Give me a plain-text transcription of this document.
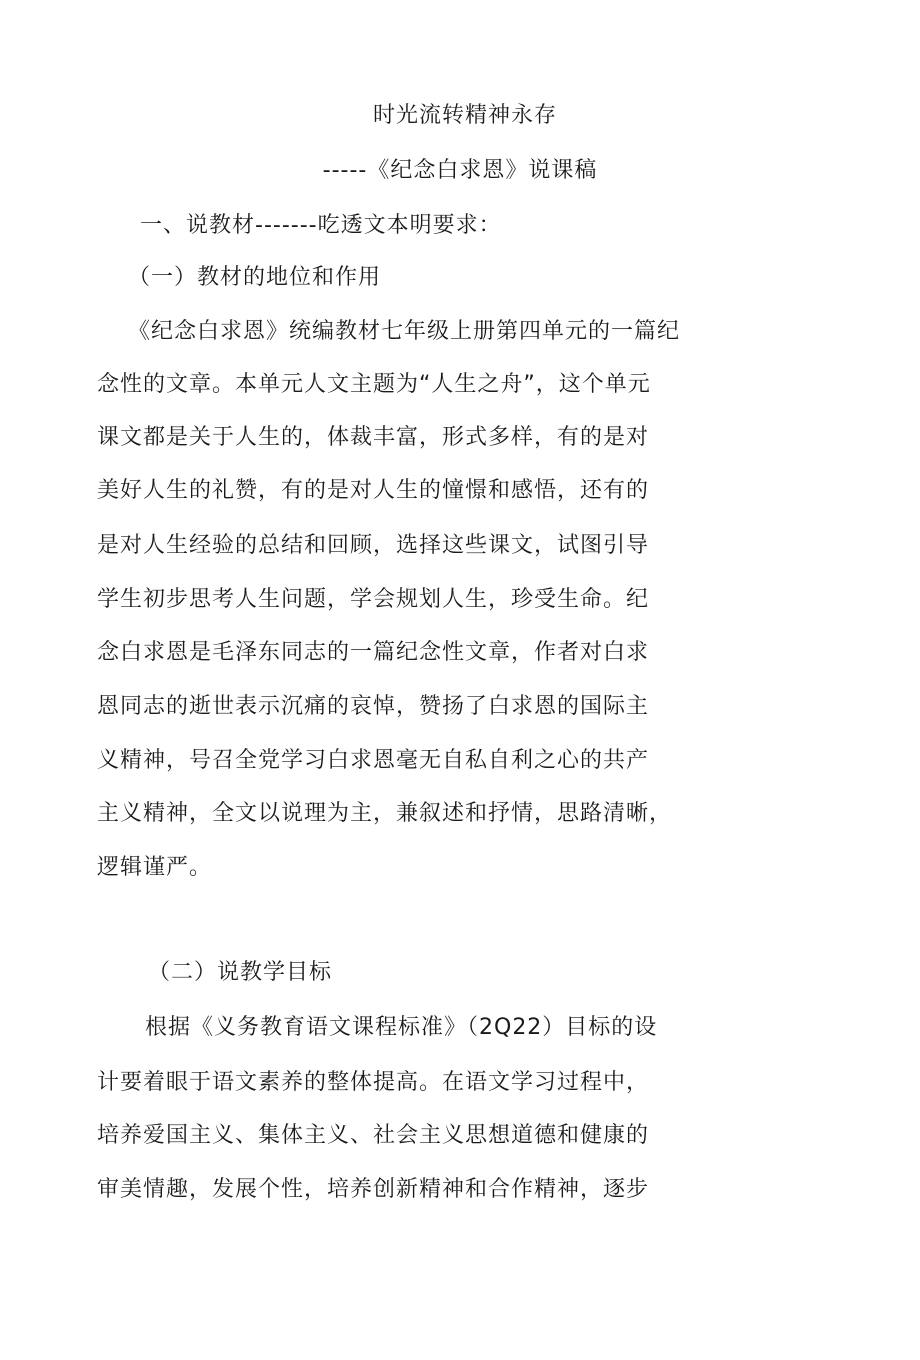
时光流转精神永存
-----《纪念白求恩》说课稿
一、说教材-------吃透文本明要求：
（一）教材的地位和作用
《纪念白求恩》统编教材七年级上册第四单元的一篇纪
念性的文章。本单元人文主题为“人生之舟”，这个单元
课文都是关于人生的，体裁丰富，形式多样，有的是对
美好人生的礼赞，有的是对人生的憧憬和感悟，还有的
是对人生经验的总结和回顾，选择这些课文，试图引导
学生初步思考人生问题，学会规划人生，珍受生命。纪
念白求恩是毛泽东同志的一篇纪念性文章，作者对白求
恩同志的逝世表示沉痛的哀悼，赞扬了白求恩的国际主
义精神，号召全党学习白求恩毫无自私自利之心的共产
主义精神，全文以说理为主，兼叙述和抒情，思路清晰，
逻辑谨严。
（二）说教学目标
根据《义务教育语文课程标准》（2Q22）目标的设
计要着眼于语文素养的整体提高。在语文学习过程中，
培养爱国主义、集体主义、社会主义思想道德和健康的
审美情趣，发展个性，培养创新精神和合作精神，逐步
